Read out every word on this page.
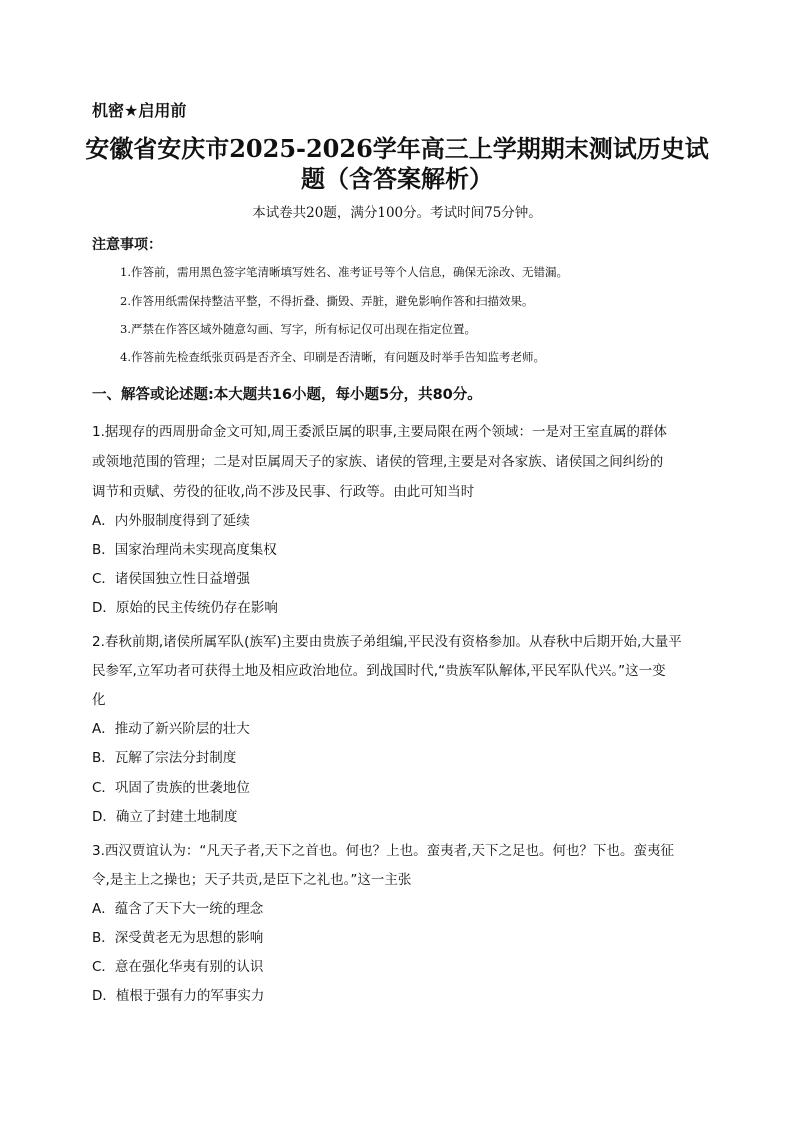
机密★启用前
安徽省安庆市2025-2026学年高三上学期期末测试历史试
题（含答案解析）
本试卷共20题，满分100分。考试时间75分钟。
注意事项：
1.作答前，需用黑色签字笔清晰填写姓名、准考证号等个人信息，确保无涂改、无错漏。
2.作答用纸需保持整洁平整，不得折叠、撕毁、弄脏，避免影响作答和扫描效果。
3.严禁在作答区域外随意勾画、写字，所有标记仅可出现在指定位置。
4.作答前先检查纸张页码是否齐全、印刷是否清晰，有问题及时举手告知监考老师。
一、解答或论述题:本大题共16小题，每小题5分，共80分。
1.据现存的西周册命金文可知,周王委派臣属的职事,主要局限在两个领域：一是对王室直属的群体
或领地范围的管理；二是对臣属周天子的家族、诸侯的管理,主要是对各家族、诸侯国之间纠纷的
调节和贡赋、劳役的征收,尚不涉及民事、行政等。由此可知当时
A．内外服制度得到了延续
B．国家治理尚未实现高度集权
C．诸侯国独立性日益增强
D．原始的民主传统仍存在影响
2.春秋前期,诸侯所属军队(族军)主要由贵族子弟组编,平民没有资格参加。从春秋中后期开始,大量平
民参军,立军功者可获得土地及相应政治地位。到战国时代,“贵族军队解体,平民军队代兴。”这一变
化
A．推动了新兴阶层的壮大
B．瓦解了宗法分封制度
C．巩固了贵族的世袭地位
D．确立了封建土地制度
3.西汉贾谊认为：“凡天子者,天下之首也。何也？上也。蛮夷者,天下之足也。何也？下也。蛮夷征
令,是主上之操也；天子共贡,是臣下之礼也。”这一主张
A．蕴含了天下大一统的理念
B．深受黄老无为思想的影响
C．意在强化华夷有别的认识
D．植根于强有力的军事实力
